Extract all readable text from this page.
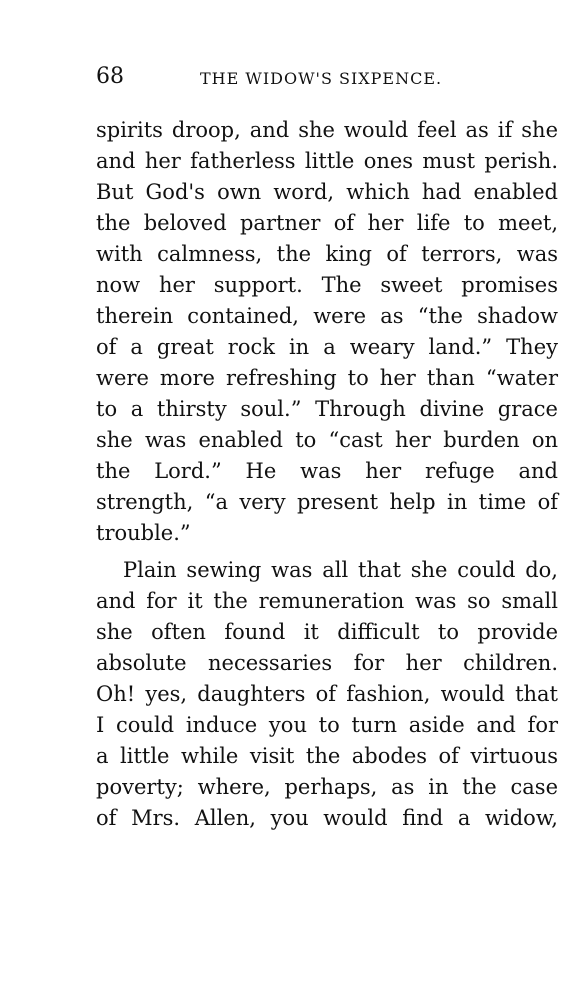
68	THE WIDOW'S SIXPENCE.
spirits droop, and she would feel as if she
and her fatherless little ones must perish.
But God's own word, which had enabled
the beloved partner of her life to meet,
with calmness, the king of terrors, was
now her support. The sweet promises
therein contained, were as “the shadow
of a great rock in a weary land.” They
were more refreshing to her than “water
to a thirsty soul.” Through divine grace
she was enabled to “cast her burden on
the Lord.” He was her refuge and
strength, “a very present help in time of
trouble.”
Plain sewing was all that she could do,
and for it the remuneration was so small
she often found it difficult to provide
absolute necessaries for her children.
Oh! yes, daughters of fashion, would that
I could induce you to turn aside and for
a little while visit the abodes of virtuous
poverty; where, perhaps, as in the case
of Mrs. Allen, you would find a widow,
